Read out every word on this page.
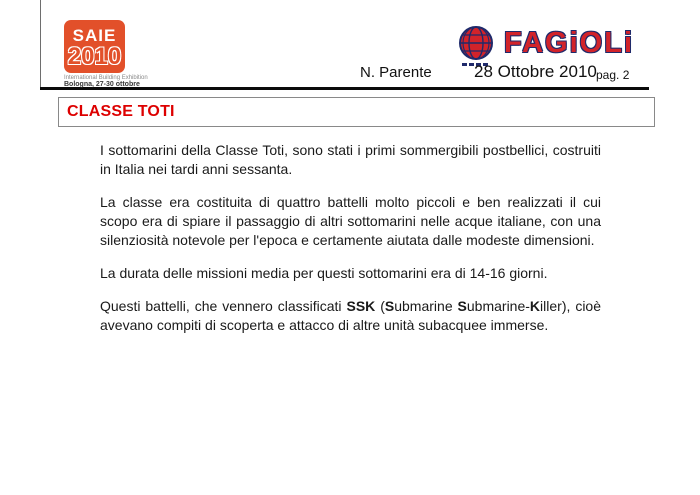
SAIE
2010
International Building Exhibition
Bologna, 27-30 ottobre
FAGiOLi
N. Parente 28 Ottobre 2010 pag. 2
CLASSE TOTI

I sottomarini della Classe Toti, sono stati i primi sommergibili postbellici, costruiti in Italia nei tardi anni sessanta.

La classe era costituita di quattro battelli molto piccoli e ben realizzati il cui scopo era di spiare il passaggio di altri sottomarini nelle acque italiane, con una silenziosità notevole per l'epoca e certamente aiutata dalle modeste dimensioni.

La durata delle missioni media per questi sottomarini era di 14-16 giorni.

Questi battelli, che vennero classificati SSK (Submarine Submarine-Killer), cioè avevano compiti di scoperta e attacco di altre unità subacquee immerse.
